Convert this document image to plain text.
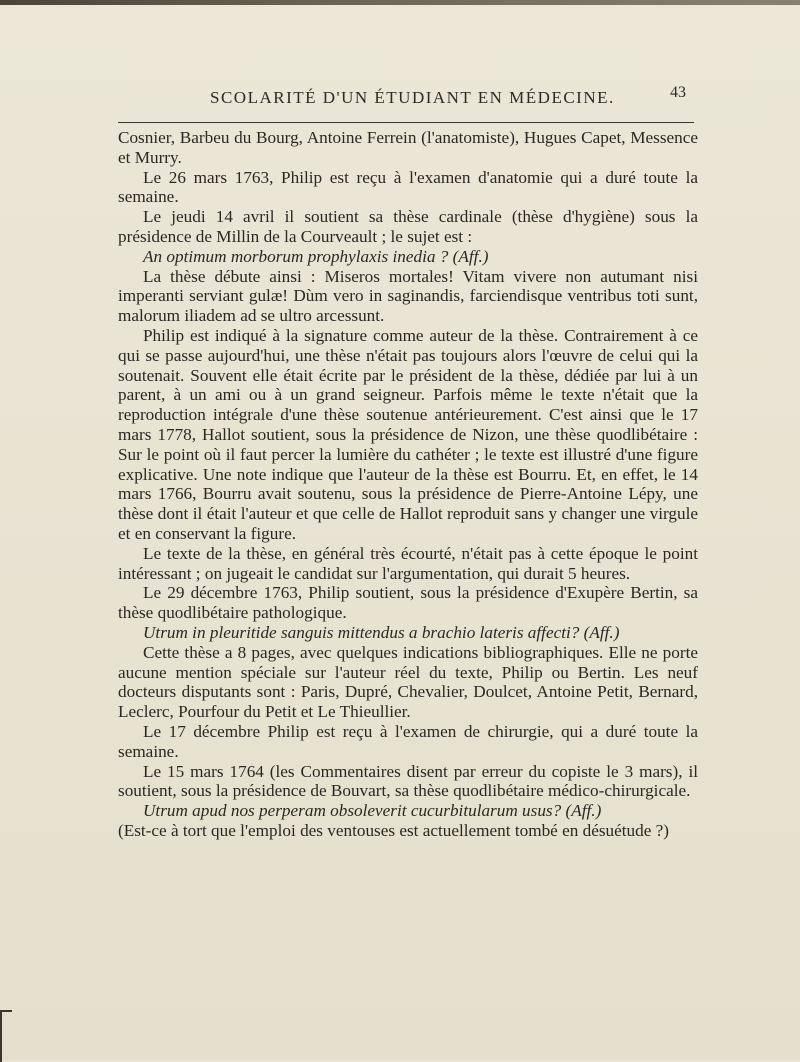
SCOLARITÉ D'UN ÉTUDIANT EN MÉDECINE.	43

Cosnier, Barbeu du Bourg, Antoine Ferrein (l'anatomiste), Hugues Capet, Messence et Murry.

Le 26 mars 1763, Philip est reçu à l'examen d'anatomie qui a duré toute la semaine.

Le jeudi 14 avril il soutient sa thèse cardinale (thèse d'hygiène) sous la présidence de Millin de la Courveault ; le sujet est :

An optimum morborum prophylaxis inedia ? (Aff.)

La thèse débute ainsi : Miseros mortales! Vitam vivere non autumant nisi imperanti serviant gulæ! Dùm vero in saginandis, farciendisque ventribus toti sunt, malorum iliadem ad se ultro arcessunt.

Philip est indiqué à la signature comme auteur de la thèse. Contrairement à ce qui se passe aujourd'hui, une thèse n'était pas toujours alors l'œuvre de celui qui la soutenait. Souvent elle était écrite par le président de la thèse, dédiée par lui à un parent, à un ami ou à un grand seigneur. Parfois même le texte n'était que la reproduction intégrale d'une thèse soutenue antérieurement. C'est ainsi que le 17 mars 1778, Hallot soutient, sous la présidence de Nizon, une thèse quodlibétaire : Sur le point où il faut percer la lumière du cathéter ; le texte est illustré d'une figure explicative. Une note indique que l'auteur de la thèse est Bourru. Et, en effet, le 14 mars 1766, Bourru avait soutenu, sous la présidence de Pierre-Antoine Lépy, une thèse dont il était l'auteur et que celle de Hallot reproduit sans y changer une virgule et en conservant la figure.

Le texte de la thèse, en général très écourté, n'était pas à cette époque le point intéressant ; on jugeait le candidat sur l'argumentation, qui durait 5 heures.

Le 29 décembre 1763, Philip soutient, sous la présidence d'Exupère Bertin, sa thèse quodlibétaire pathologique.

Utrum in pleuritide sanguis mittendus a brachio lateris affecti? (Aff.)

Cette thèse a 8 pages, avec quelques indications bibliographiques. Elle ne porte aucune mention spéciale sur l'auteur réel du texte, Philip ou Bertin. Les neuf docteurs disputants sont : Paris, Dupré, Chevalier, Doulcet, Antoine Petit, Bernard, Leclerc, Pourfour du Petit et Le Thieullier.

Le 17 décembre Philip est reçu à l'examen de chirurgie, qui a duré toute la semaine.

Le 15 mars 1764 (les Commentaires disent par erreur du copiste le 3 mars), il soutient, sous la présidence de Bouvart, sa thèse quodlibétaire médico-chirurgicale.

Utrum apud nos perperam obsoleverit cucurbitularum usus? (Aff.)

(Est-ce à tort que l'emploi des ventouses est actuellement tombé en désuétude ?)
